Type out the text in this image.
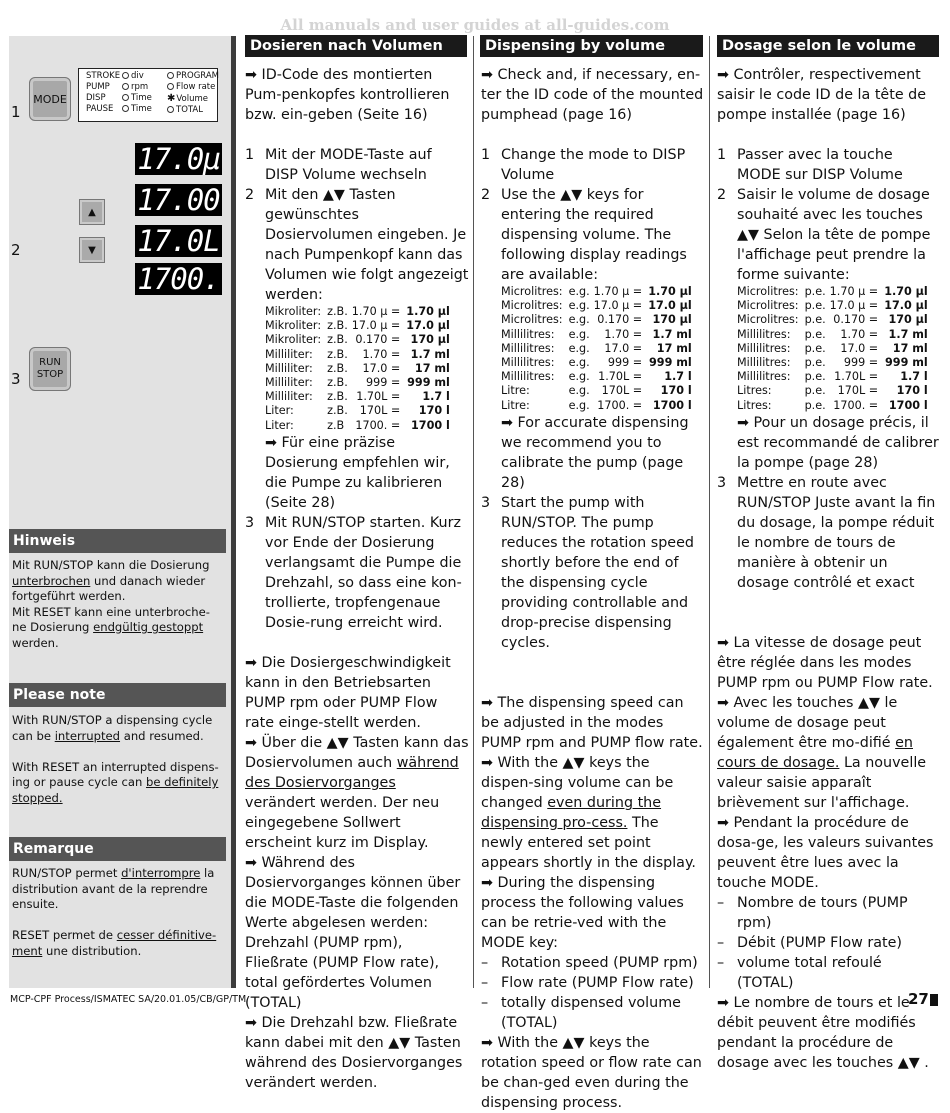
All manuals and user guides at all-guides.com
1
2
3
MODE
STROKE
PUMP
DISP
PAUSE
div
rpm
Time
Time
PROGRAM
Flow rate
✱Volume
TOTAL
17.0μ
17.00
17.0L
1700.
▲
▼
RUN
STOP
Hinweis
Mit RUN/STOP kann die Dosierung unterbrochen und danach wieder fortgeführt werden.
Mit RESET kann eine unterbroche-ne Dosierung endgültig gestoppt werden.
Please note
With RUN/STOP a dispensing cycle can be interrupted and resumed.

With RESET an interrupted dispens-ing or pause cycle can be definitely stopped.
Remarque
RUN/STOP permet d'interrompre la distribution avant de la reprendre ensuite.

RESET permet de cesser définitive-ment une distribution.
Dosieren nach Volumen	Dispensing by volume	Dosage selon le volume

➡ ID-Code des montierten Pum-penkopfes kontrollieren bzw. ein-geben (Seite 16)

1 Mit der MODE-Taste auf DISP Volume wechseln

2 Mit den ▲▼ Tasten gewünschtes Dosiervolumen eingeben. Je nach Pumpenkopf kann das Volumen wie folgt angezeigt werden:

Mikroliter:	z.B.	1.70 μ =	1.70 μl
Mikroliter:	z.B.	17.0 μ =	17.0 μl
Mikroliter:	z.B.	0.170 =	170 μl
Milliliter:	z.B.	1.70 =	1.7 ml
Milliliter:	z.B.	17.0 =	17 ml
Milliliter:	z.B.	999 =	999 ml
Milliliter:	z.B.	1.70L =	1.7 l
Liter:	z.B.	170L =	170 l
Liter:	z.B	1700. =	1700 l

➡ Für eine präzise Dosierung empfehlen wir, die Pumpe zu kalibrieren (Seite 28)

3 Mit RUN/STOP starten. Kurz vor Ende der Dosierung verlangsamt die Pumpe die Drehzahl, so dass eine kon-trollierte, tropfengenaue Dosie-rung erreicht wird.

➡ Die Dosiergeschwindigkeit kann in den Betriebsarten PUMP rpm oder PUMP Flow rate einge-stellt werden.

➡ Über die ▲▼ Tasten kann das Dosiervolumen auch während des Dosiervorganges verändert werden. Der neu eingegebene Sollwert erscheint kurz im Display.

➡ Während des Dosiervorganges können über die MODE-Taste die folgenden Werte abgelesen werden: Drehzahl (PUMP rpm), Fließrate (PUMP Flow rate), total gefördertes Volumen (TOTAL)

➡ Die Drehzahl bzw. Fließrate kann dabei mit den ▲▼ Tasten während des Dosiervorganges verändert werden.

➡ Check and, if necessary, en-ter the ID code of the mounted pumphead (page 16)

1 Change the mode to DISP Volume

2 Use the ▲▼ keys for entering the required dispensing volume. The following display readings are available:

Microlitres:	e.g.	1.70 μ =	1.70 μl
Microlitres:	e.g.	17.0 μ =	17.0 μl
Microlitres:	e.g.	0.170 =	170 μl
Millilitres:	e.g.	1.70 =	1.7 ml
Millilitres:	e.g.	17.0 =	17 ml
Millilitres:	e.g.	999 =	999 ml
Millilitres:	e.g.	1.70L =	1.7 l
Litre:	e.g.	170L =	170 l
Litre:	e.g.	1700. =	1700 l

➡ For accurate dispensing we recommend you to calibrate the pump (page 28)

3 Start the pump with RUN/STOP. The pump reduces the rotation speed shortly before the end of the dispensing cycle providing controllable and drop-precise dispensing cycles.

➡ The dispensing speed can be adjusted in the modes PUMP rpm and PUMP flow rate.

➡ With the ▲▼ keys the dispen-sing volume can be changed even during the dispensing pro-cess. The newly entered set point appears shortly in the display.

➡ During the dispensing process the following values can be retrie-ved with the MODE key:

– Rotation speed (PUMP rpm)

– Flow rate (PUMP Flow rate)

– totally dispensed volume (TOTAL)

➡ With the ▲▼ keys the rotation speed or flow rate can be chan-ged even during the dispensing process.

➡ Contrôler, respectivement saisir le code ID de la tête de pompe installée (page 16)

1 Passer avec la touche MODE sur DISP Volume

2 Saisir le volume de dosage souhaité avec les touches ▲▼ Selon la tête de pompe l'affichage peut prendre la forme suivante:

Microlitres:	p.e.	1.70 μ =	1.70 μl
Microlitres:	p.e.	17.0 μ =	17.0 μl
Microlitres:	p.e.	0.170 =	170 μl
Millilitres:	p.e.	1.70 =	1.7 ml
Millilitres:	p.e.	17.0 =	17 ml
Millilitres:	p.e.	999 =	999 ml
Millilitres:	p.e.	1.70L =	1.7 l
Litres:	p.e.	170L =	170 l
Litres:	p.e.	1700. =	1700 l

➡ Pour un dosage précis, il est recommandé de calibrer la pompe (page 28)

3 Mettre en route avec RUN/STOP Juste avant la fin du dosage, la pompe réduit le nombre de tours de manière à obtenir un dosage contrôlé et exact

➡ La vitesse de dosage peut être réglée dans les modes PUMP rpm ou PUMP Flow rate.

➡ Avec les touches ▲▼ le volume de dosage peut également être mo-difié en cours de dosage. La nouvelle valeur saisie apparaît brièvement sur l'affichage.

➡ Pendant la procédure de dosa-ge, les valeurs suivantes peuvent être lues avec la touche MODE.

– Nombre de tours (PUMP rpm)

– Débit (PUMP Flow rate)

– volume total refoulé (TOTAL)

➡ Le nombre de tours et le débit peuvent être modifiés pendant la procédure de dosage avec les touches ▲▼ .

MCP-CPF Process/ISMATEC SA/20.01.05/CB/GP/TM	27
